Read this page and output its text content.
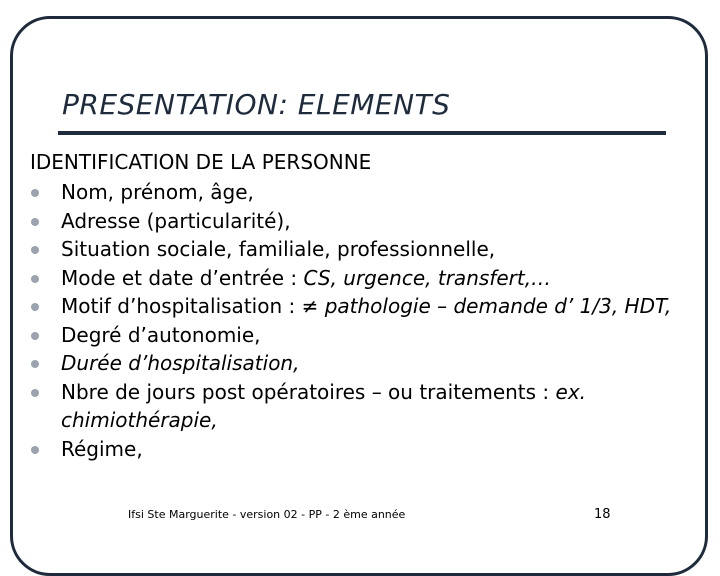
PRESENTATION: ELEMENTS
IDENTIFICATION DE LA PERSONNE
Nom, prénom, âge,
Adresse (particularité),
Situation sociale, familiale, professionnelle,
Mode et date d’entrée : CS, urgence, transfert,…
Motif d’hospitalisation : ≠ pathologie – demande d’ 1/3, HDT,
Degré d’autonomie,
Durée d’hospitalisation,
Nbre de jours post opératoires – ou traitements : ex. chimiothérapie,
Régime,
Ifsi Ste Marguerite - version 02 - PP - 2 ème année	18
